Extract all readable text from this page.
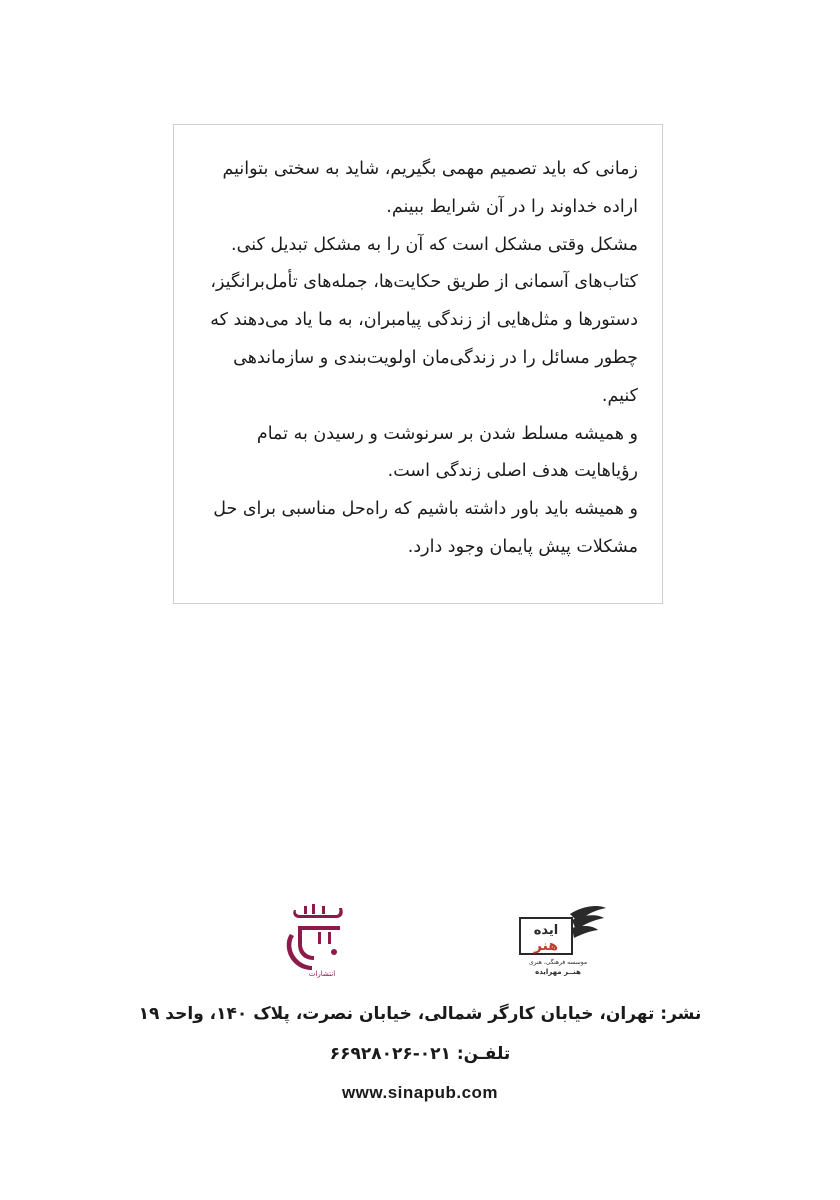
زمانی که باید تصمیم مهمی بگیریم، شاید به سختی بتوانیم
اراده خداوند را در آن شرایط ببینم.
مشکل وقتی مشکل است که آن را به مشکل تبدیل کنی.
کتاب‌های آسمانی از طریق حکایت‌ها، جمله‌های تأمل‌برانگیز،
دستورها و مثل‌هایی از زندگی پیامبران، به ما یاد می‌دهند که
چطور مسائل را در زندگی‌مان اولویت‌بندی و سازماندهی
کنیم.
و همیشه مسلط شدن بر سرنوشت و رسیدن به تمام
رؤیاهایت هدف اصلی زندگی است.
و همیشه باید باور داشته باشیم که راه‌حل مناسبی برای حل
مشکلات پیش پایمان وجود دارد.
انتشارات
ایده
هنر
موسسه فرهنگی، هنری
هنــر مهرایده
نشر: تهران، خیابان کارگر شمالی، خیابان نصرت، پلاک ۱۴۰، واحد ۱۹
تلفـن: ۰۲۱-۶۶۹۲۸۰۲۶
www.sinapub.com
